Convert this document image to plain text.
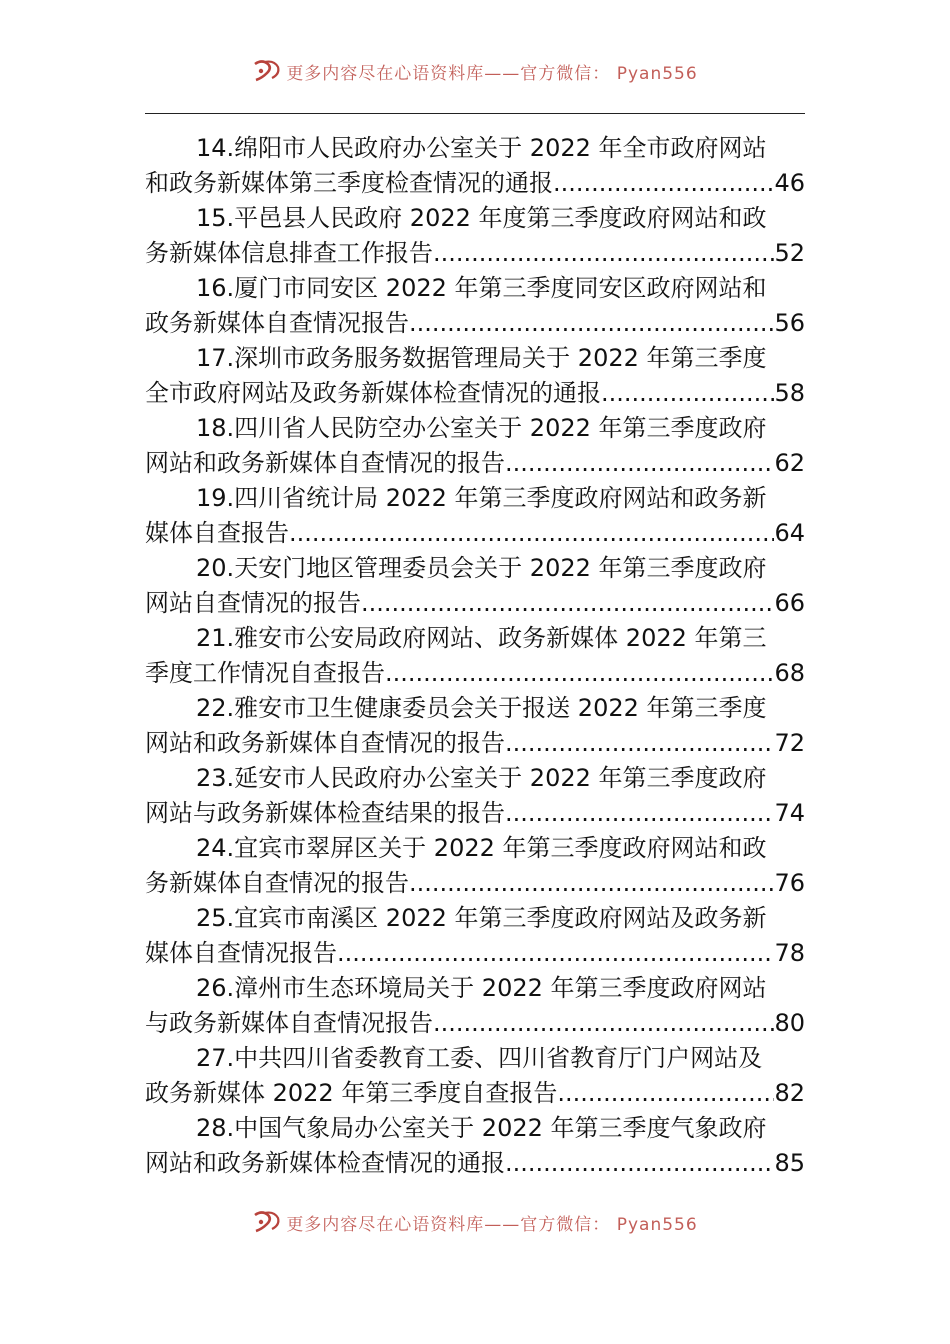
更多内容尽在心语资料库——官方微信： Pyan556
14.绵阳市人民政府办公室关于 2022 年全市政府网站
和政务新媒体第三季度检查情况的通报 .....	46
15.平邑县人民政府 2022 年度第三季度政府网站和政
务新媒体信息排查工作报告 .....	52
16.厦门市同安区 2022 年第三季度同安区政府网站和
政务新媒体自查情况报告 .....	56
17.深圳市政务服务数据管理局关于 2022 年第三季度
全市政府网站及政务新媒体检查情况的通报 .....	58
18.四川省人民防空办公室关于 2022 年第三季度政府
网站和政务新媒体自查情况的报告 .....	62
19.四川省统计局 2022 年第三季度政府网站和政务新
媒体自查报告 .....	64
20.天安门地区管理委员会关于 2022 年第三季度政府
网站自查情况的报告 .....	66
21.雅安市公安局政府网站、政务新媒体 2022 年第三
季度工作情况自查报告 .....	68
22.雅安市卫生健康委员会关于报送 2022 年第三季度
网站和政务新媒体自查情况的报告 .....	72
23.延安市人民政府办公室关于 2022 年第三季度政府
网站与政务新媒体检查结果的报告 .....	74
24.宜宾市翠屏区关于 2022 年第三季度政府网站和政
务新媒体自查情况的报告 .....	76
25.宜宾市南溪区 2022 年第三季度政府网站及政务新
媒体自查情况报告 .....	78
26.漳州市生态环境局关于 2022 年第三季度政府网站
与政务新媒体自查情况报告 .....	80
27.中共四川省委教育工委、四川省教育厅门户网站及
政务新媒体 2022 年第三季度自查报告 .....	82
28.中国气象局办公室关于 2022 年第三季度气象政府
网站和政务新媒体检查情况的通报 .....	85
更多内容尽在心语资料库——官方微信： Pyan556
